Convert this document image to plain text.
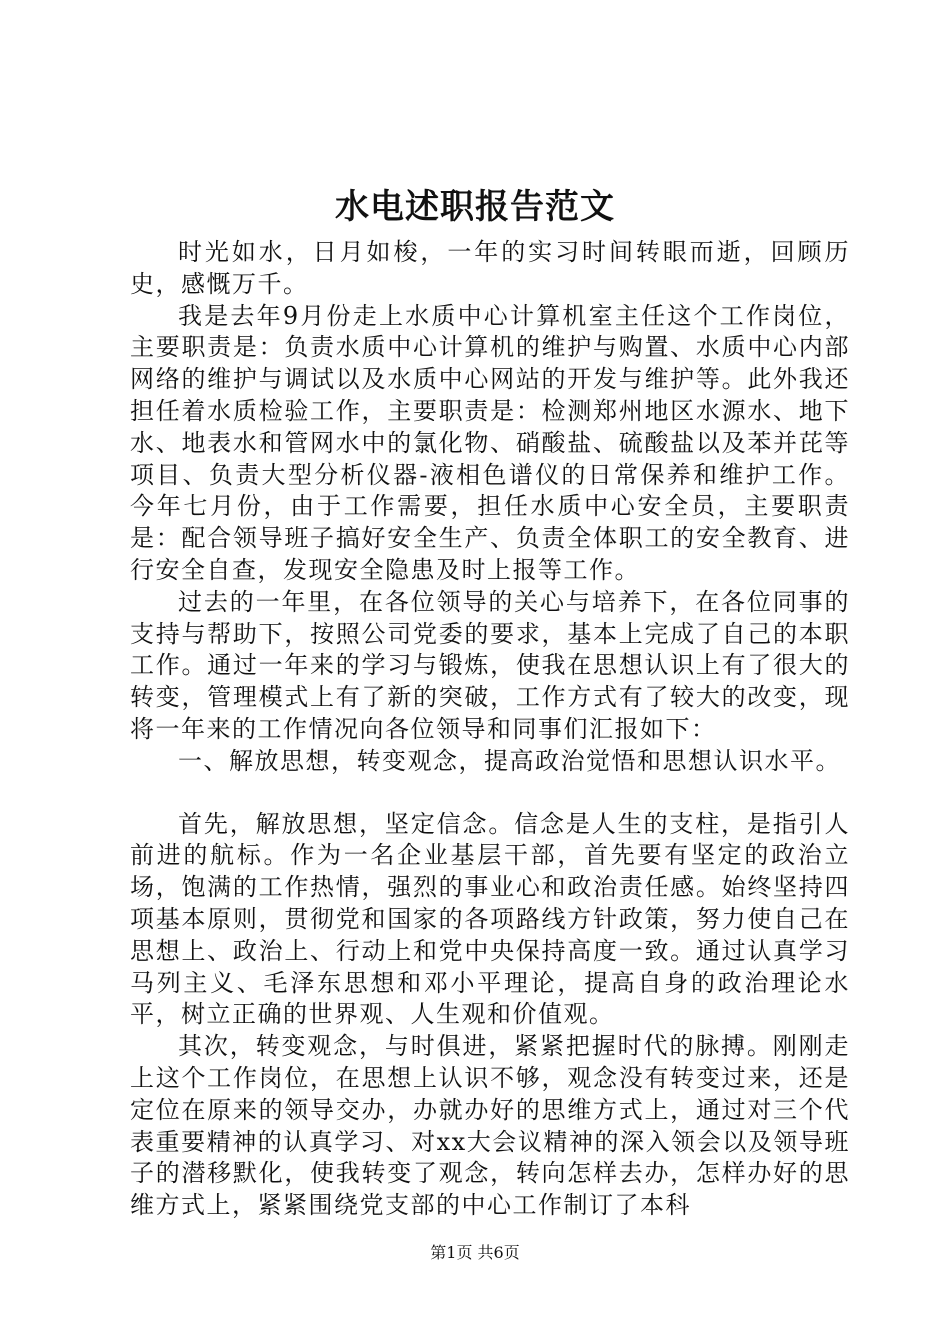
水电述职报告范文

时光如水，日月如梭，一年的实习时间转眼而逝，回顾历史，感慨万千。

我是去年9月份走上水质中心计算机室主任这个工作岗位，主要职责是：负责水质中心计算机的维护与购置、水质中心内部网络的维护与调试以及水质中心网站的开发与维护等。此外我还担任着水质检验工作，主要职责是：检测郑州地区水源水、地下水、地表水和管网水中的氯化物、硝酸盐、硫酸盐以及苯并芘等项目、负责大型分析仪器-液相色谱仪的日常保养和维护工作。今年七月份，由于工作需要，担任水质中心安全员，主要职责是：配合领导班子搞好安全生产、负责全体职工的安全教育、进行安全自查，发现安全隐患及时上报等工作。

过去的一年里，在各位领导的关心与培养下，在各位同事的支持与帮助下，按照公司党委的要求，基本上完成了自己的本职工作。通过一年来的学习与锻炼，使我在思想认识上有了很大的转变，管理模式上有了新的突破，工作方式有了较大的改变，现将一年来的工作情况向各位领导和同事们汇报如下：

一、解放思想，转变观念，提高政治觉悟和思想认识水平。

首先，解放思想，坚定信念。信念是人生的支柱，是指引人前进的航标。作为一名企业基层干部，首先要有坚定的政治立场，饱满的工作热情，强烈的事业心和政治责任感。始终坚持四项基本原则，贯彻党和国家的各项路线方针政策，努力使自己在思想上、政治上、行动上和党中央保持高度一致。通过认真学习马列主义、毛泽东思想和邓小平理论，提高自身的政治理论水平，树立正确的世界观、人生观和价值观。

其次，转变观念，与时俱进，紧紧把握时代的脉搏。刚刚走上这个工作岗位，在思想上认识不够，观念没有转变过来，还是定位在原来的领导交办，办就办好的思维方式上，通过对三个代表重要精神的认真学习、对xx大会议精神的深入领会以及领导班子的潜移默化，使我转变了观念，转向怎样去办，怎样办好的思维方式上，紧紧围绕党支部的中心工作制订了本科

第1页 共6页
